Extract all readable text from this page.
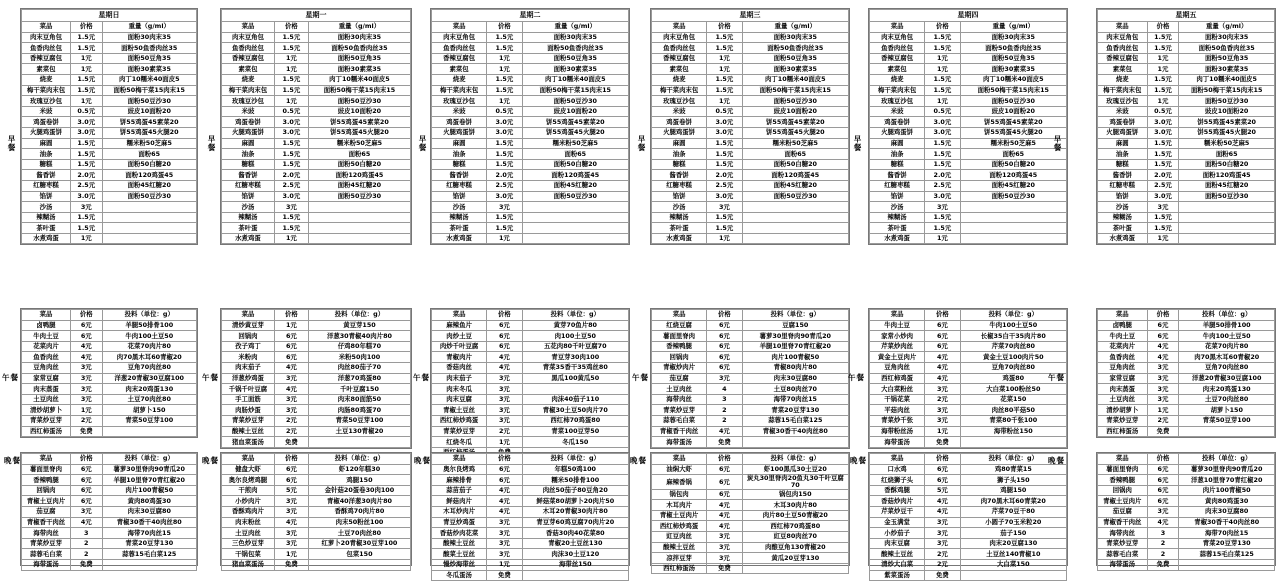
星期日		
菜品	价格	重量（g/ml）
肉末豆角包	1.5元	面粉30肉末35
鱼香肉丝包	1.5元	面粉50鱼香肉丝35
香辣豆腐包	1元	面粉50豆角35
素菜包	1元	面粉30素菜35
烧麦	1.5元	肉丁10糯米40面皮5
梅干菜肉末包	1.5元	面粉50梅干菜15肉末15
玫瑰豆沙包	1元	面粉50豆沙30
米豉	0.5元	豉皮10面粉20
鸡蛋卷饼	3.0元	饼55鸡蛋45素菜20
火腿鸡蛋饼	3.0元	饼55鸡蛋45火腿20
麻圆	1.5元	糯米粉50芝麻5
油条	1.5元	面粉65
糖糕	1.5元	面粉50白糖20
酱香饼	2.0元	面粉120鸡蛋45
红糖枣糕	2.5元	面粉45红糖20
馅饼	3.0元	面粉50豆沙30
沙汤	3元	
辣糊汤	1.5元	
茶叶蛋	1.5元	
水煮鸡蛋	1元	
早餐
菜品	价格	投料（单位：g）
卤鸭腿	6元	羊腿50排骨100
牛肉土豆	6元	牛肉100土豆50
花菜肉片	4元	花菜70肉片80
鱼香肉丝	4元	肉70黑木耳60青椒20
豆角肉丝	3元	豆角70肉丝80
家常豆腐	3元	洋葱20青椒30豆腐100
肉末蒸蛋	3元	肉末20鸡蛋130
土豆肉丝	3元	土豆70肉丝80
清炒胡萝卜	1元	胡萝卜150
青菜炒豆芽	2元	青菜50豆芽100
西红柿蛋汤	免费	
午餐
菜品	价格	投料（单位：g）
薯面里脊肉	6元	薯萝30里脊肉90青瓜20
香辣鸭腿	6元	羊腿10里脊70青红椒20
回锅肉	6元	肉片100青椒50
青椒土豆肉片	6元	黄肉80鸡蛋30
茄豆腐	3元	肉末30豆腐80
青椒香干肉丝	4元	青椒30香干40肉丝80
海带肉丝	3	海带70肉丝15
青菜炒豆芽	2	青菜20豆芽130
蒜蓉毛白菜	2	蒜蓉15毛白菜125
海带蛋汤	免费	
晚餐
星期一		
菜品	价格	重量（g/ml）
肉末豆角包	1.5元	面粉30肉末35
鱼香肉丝包	1.5元	面粉50鱼香肉丝35
香辣豆腐包	1元	面粉50豆角35
素菜包	1元	面粉30素菜35
烧麦	1.5元	肉丁10糯米40面皮5
梅干菜肉末包	1.5元	面粉50梅干菜15肉末15
玫瑰豆沙包	1元	面粉50豆沙30
米豉	0.5元	豉皮10面粉20
鸡蛋卷饼	3.0元	饼55鸡蛋45素菜20
火腿鸡蛋饼	3.0元	饼55鸡蛋45火腿20
麻圆	1.5元	糯米粉50芝麻5
油条	1.5元	面粉65
糖糕	1.5元	面粉50白糖20
酱香饼	2.0元	面粉120鸡蛋45
红糖枣糕	2.5元	面粉45红糖20
馅饼	3.0元	面粉50豆沙30
沙汤	3元	
辣糊汤	1.5元	
茶叶蛋	1.5元	
水煮鸡蛋	1元	
早餐
菜品	价格	投料（单位：g）
清炒黄豆芽	1元	黄豆芽150
回锅肉	6元	洋葱30青椒40肉片80
孜子鸡丁	6元	仔鸡80年糕70
米粉肉	6元	米粉50肉100
肉末茄子	4元	肉丝80茄子70
洋葱炒鸡蛋	3元	洋葱70鸡蛋80
千锅千叶豆腐	4元	千叶豆腐150
手工面筋	3元	肉末80面筋50
肉肠炒蛋	3元	肉肠80鸡蛋70
青菜炒豆芽	2元	青菜50豆芽100
酸辣土豆丝	2元	土豆130青椒20
猪血菜蛋汤	免费	
午餐
菜品	价格	投料（单位：g）
健盘大虾	6元	虾120年糕30
奥尔良烤鸡腿	6元	鸡腿150
干煎肉	5元	金针菇20蛋卷30肉100
小炒肉片	3元	青椒40洋葱30肉片80
香酥鸡肉片	3元	香酥鸡70肉片80
肉末粉丝	4元	肉末50粉丝100
土豆肉丝	3元	土豆70肉丝80
三色炒豆芽	3元	红萝卜20青椒30豆芽100
干锅包菜	1元	包菜150
猪血菜蛋汤	免费	
晚餐
星期二		
菜品	价格	重量（g/ml）
肉末豆角包	1.5元	面粉30肉末35
鱼香肉丝包	1.5元	面粉50鱼香肉丝35
香辣豆腐包	1元	面粉50豆角35
素菜包	1元	面粉30素菜35
烧麦	1.5元	肉丁10糯米40面皮5
梅干菜肉末包	1.5元	面粉50梅干菜15肉末15
玫瑰豆沙包	1元	面粉50豆沙30
米豉	0.5元	豉皮10面粉20
鸡蛋卷饼	3.0元	饼55鸡蛋45素菜20
火腿鸡蛋饼	3.0元	饼55鸡蛋45火腿20
麻圆	1.5元	糯米粉50芝麻5
油条	1.5元	面粉65
糖糕	1.5元	面粉50白糖20
酱香饼	2.0元	面粉120鸡蛋45
红糖枣糕	2.5元	面粉45红糖20
馅饼	3.0元	面粉50豆沙30
沙汤	3元	
辣糊汤	1.5元	
茶叶蛋	1.5元	
水煮鸡蛋	1元	
早餐
菜品	价格	投料（单位：g）
麻辣鱼片	6元	黄芽70鱼片80
肉炒土豆	6元	肉100土豆50
肉炒千叶豆腐	6元	五花肉80千叶豆腐70
青椒肉片	4元	青豆芽30肉100
香菇肉丝	4元	青菜35香干35鸡丝80
肉末茄子	3元	黑瓜100黄瓜50
肉末冬瓜	3元	
肉末豆腐	3元	肉沫40茄子110
青椒土豆丝	3元	青椒30土豆50肉片70
西红柿炒鸡蛋	3元	西红柿70鸡蛋80
青菜炒豆芽	2元	青菜100豆芽50
红烧冬瓜	1元	冬瓜150

午餐
菜品	价格	投料（单位：g）
奥尔良烤鸡	6元	年糕50鸡100
麻辣排骨	6元	糯米50排骨100
蒜苗茄子	4元	肉丝50茄子80豆角20
鲜菇肉片	4元	鲜菇菜80胡萝卜20肉片50
木耳炒肉片	4元	木耳20青椒30肉片80
青豆炒鸡蛋	3元	青豆芽60鸡豆腐70肉片20
香菇炒肉花菜	3元	香菇30肉40花菜80
酸辣土豆丝	3元	青椒20土豆丝130
酸菜土豆丝	3元	肉沫30土豆120
慢炒海带丝	1元	海带丝150
冬瓜蛋汤	免费	
晚餐
星期三		
菜品	价格	重量（g/ml）
肉末豆角包	1.5元	面粉30肉末35
鱼香肉丝包	1.5元	面粉50鱼香肉丝35
香辣豆腐包	1元	面粉50豆角35
素菜包	1元	面粉30素菜35
烧麦	1.5元	肉丁10糯米40面皮5
梅干菜肉末包	1.5元	面粉50梅干菜15肉末15
玫瑰豆沙包	1元	面粉50豆沙30
米豉	0.5元	豉皮10面粉20
鸡蛋卷饼	3.0元	饼55鸡蛋45素菜20
火腿鸡蛋饼	3.0元	饼55鸡蛋45火腿20
麻圆	1.5元	糯米粉50芝麻5
油条	1.5元	面粉65
糖糕	1.5元	面粉50白糖20
酱香饼	2.0元	面粉120鸡蛋45
红糖枣糕	2.5元	面粉45红糖20
馅饼	3.0元	面粉50豆沙30
沙汤	3元	
辣糊汤	1.5元	
茶叶蛋	1.5元	
水煮鸡蛋	1元	
早餐
菜品	价格	投料（单位：g）
红烧豆腐	6元	豆腐150
薯面里脊肉	6元	薯萝30里脊肉90青瓜20
香辣鸭腿	6元	羊腿10里脊70青红椒20
回锅肉	6元	肉片100青椒50
青椒炒肉片	6元	青椒80肉片80
茄豆腐	3元	肉末30豆腐80
土豆肉丝	4	土豆80肉丝70
海带肉丝	3	海带70肉丝15
青菜炒豆芽	2	青菜20豆芽130
蒜蓉毛白菜	2	蒜蓉15毛白菜125
青椒香干肉丝	4元	青椒30香干40肉丝80
海带蛋汤	免费	
午餐
菜品	价格	投料（单位：g）
油焖大虾	6元	虾100黑瓜30土豆20
麻辣香锅	6元	炭丸30里脊肉20鱼丸30千叶豆腐70
锅包肉	6元	锅包肉150
木耳肉片	4元	木耳30肉片80
青椒土豆肉片	4元	肉片80土豆50青椒20
西红柿炒鸡蛋	4元	西红柿70鸡蛋80
豇豆肉丝	3元	豇豆80肉丝70
酸辣土豆丝	3元	肉酿豆角130青椒20
凉拌豆芽	3元	黄瓜20豆芽130
西红柿蛋汤	免费	
晚餐
星期四		
菜品	价格	重量（g/ml）
肉末豆角包	1.5元	面粉30肉末35
鱼香肉丝包	1.5元	面粉50鱼香肉丝35
香辣豆腐包	1元	面粉50豆角35
素菜包	1元	面粉30素菜35
烧麦	1.5元	肉丁10糯米40面皮5
梅干菜肉末包	1.5元	面粉50梅干菜15肉末15
玫瑰豆沙包	1元	面粉50豆沙30
米豉	0.5元	豉皮10面粉20
鸡蛋卷饼	3.0元	饼55鸡蛋45素菜20
火腿鸡蛋饼	3.0元	饼55鸡蛋45火腿20
麻圆	1.5元	糯米粉50芝麻5
油条	1.5元	面粉65
糖糕	1.5元	面粉50白糖20
酱香饼	2.0元	面粉120鸡蛋45
红糖枣糕	2.5元	面粉45红糖20
馅饼	3.0元	面粉50豆沙30
沙汤	3元	
辣糊汤	1.5元	
茶叶蛋	1.5元	
水煮鸡蛋	1元	
早餐
菜品	价格	投料（单位：g）
牛肉土豆	6元	牛肉100土豆50
家常小炒肉	6元	长椒35白干35肉片80
芹菜炒肉丝	6元	芹菜70肉丝80
黄金土豆肉片	4元	黄金土豆100肉片50
豆角肉丝	4元	豆角70肉丝80
西红柿鸡蛋	4元	鸡蛋80
大白菜粉丝	3元	大白菜100粉丝50
干锅花菜	2元	花菜150
平菇肉丝	3元	肉丝80平菇50
青菜炒千张	3元	青菜80千张100
海带粉丝汤	1元	海带粉丝150
海带蛋汤	免费	
午餐
菜品	价格	投料（单位：g）
口水鸡	6元	鸡80青菜15
红烧狮子头	6元	狮子头150
香酥鸡腿	5元	鸡腿150
香菇炒肉片	4元	肉70黑木耳60青菜20
芹菜炒豆干	4元	芹菜70豆干80
金玉满堂	3元	小圆子70玉米粒20
小炒茄子	3元	茄子150
肉末豆腐	3元	肉末20豆腐130
酸辣土豆丝	2元	土豆丝140青椒10
清炒大白菜	2元	大白菜150
紫菜蛋汤	免费	
晚餐
星期五		
菜品	价格	重量（g/ml）
肉末豆角包	1.5元	面粉30肉末35
鱼香肉丝包	1.5元	面粉50鱼香肉丝35
香辣豆腐包	1元	面粉50豆角35
素菜包	1元	面粉30素菜35
烧麦	1.5元	肉丁10糯米40面皮5
梅干菜肉末包	1.5元	面粉50梅干菜15肉末15
玫瑰豆沙包	1元	面粉50豆沙30
米豉	0.5元	豉皮10面粉20
鸡蛋卷饼	3.0元	饼55鸡蛋45素菜20
火腿鸡蛋饼	3.0元	饼55鸡蛋45火腿20
麻圆	1.5元	糯米粉50芝麻5
油条	1.5元	面粉65
糖糕	1.5元	面粉50白糖20
酱香饼	2.0元	面粉120鸡蛋45
红糖枣糕	2.5元	面粉45红糖20
馅饼	3.0元	面粉50豆沙30
沙汤	3元	
辣糊汤	1.5元	
茶叶蛋	1.5元	
水煮鸡蛋	1元	
早餐
菜品	价格	投料（单位：g）
卤鸭腿	6元	羊腿50排骨100
牛肉土豆	6元	牛肉100土豆50
花菜肉片	4元	花菜70肉片80
鱼香肉丝	4元	肉70黑木耳60青椒20
豆角肉丝	3元	豆角70肉丝80
家常豆腐	3元	洋葱20青椒30豆腐100
肉末蒸蛋	3元	肉末20鸡蛋130
土豆肉丝	3元	土豆70肉丝80
清炒胡萝卜	1元	胡萝卜150
青菜炒豆芽	2元	青菜50豆芽100
西红柿蛋汤	免费	
午餐
菜品	价格	投料（单位：g）
薯面里脊肉	6元	薯萝30里脊肉90青瓜20
香辣鸭腿	6元	洋葱10里脊70青红椒20
回锅肉	6元	肉片100青椒50
青椒土豆肉片	6元	黄肉80鸡蛋30
茄豆腐	3元	肉末30豆腐80
青椒香干肉丝	4元	青椒30香干40肉丝80
海带肉丝	3	海带70肉丝15
青菜炒豆芽	2	青菜20豆芽130
蒜蓉毛白菜	2	蒜蓉15毛白菜125
海带蛋汤	免费	
晚餐
